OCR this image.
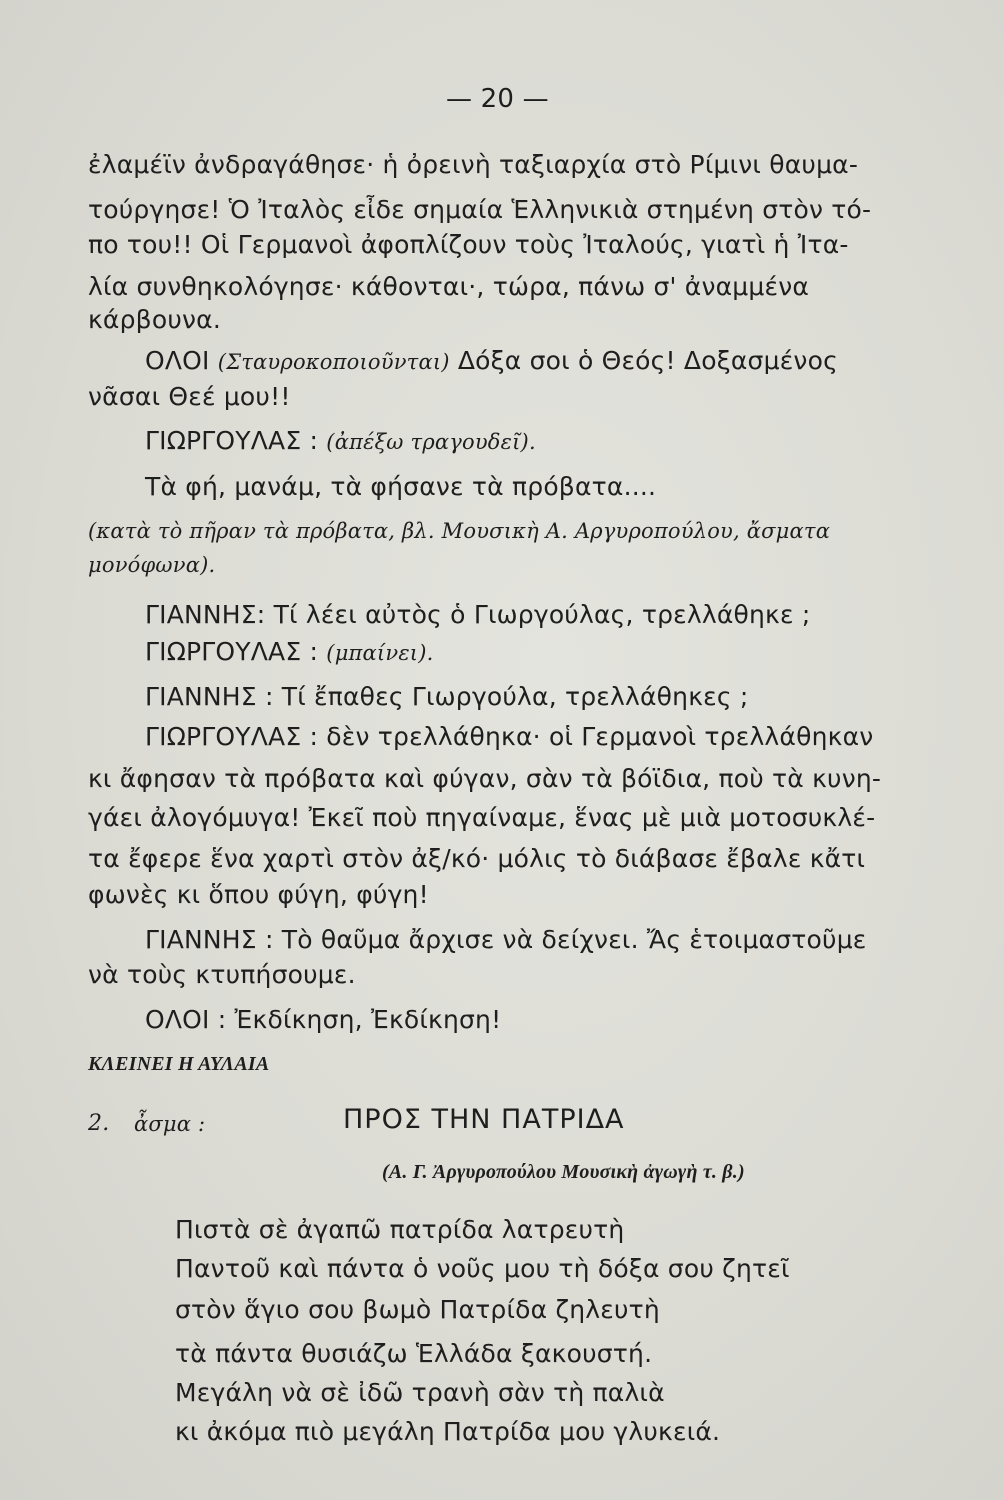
— 20 —
ἐλαμέϊν ἀνδραγάθησε· ἡ ὀρεινὴ ταξιαρχία στὸ Ρίμινι θαυμα-
τούργησε! Ὁ Ἰταλὸς εἶδε σημαία Ἑλληνικιὰ στημένη στὸν τό-
πο του!! Οἱ Γερμανοὶ ἀφοπλίζουν τοὺς Ἰταλούς, γιατὶ ἡ Ἰτα-
λία συνθηκολόγησε· κάθονται·, τώρα, πάνω σ' ἀναμμένα
κάρβουνα.
ΟΛΟΙ (Σταυροκοποιοῦνται) Δόξα σοι ὁ Θεός! Δοξασμένος
νᾶσαι Θεέ μου!!
ΓΙΩΡΓΟΥΛΑΣ : (ἀπέξω τραγουδεῖ).
Τὰ φή, μανάμ, τὰ φήσανε τὰ πρόβατα....
(κατὰ τὸ πῆραν τὰ πρόβατα, βλ. Μουσικὴ Α. Αργυροπούλου, ἄσματα
μονόφωνα).
ΓΙΑΝΝΗΣ: Τί λέει αὐτὸς ὁ Γιωργούλας, τρελλάθηκε ;
ΓΙΩΡΓΟΥΛΑΣ : (μπαίνει).
ΓΙΑΝΝΗΣ : Τί ἔπαθες Γιωργούλα, τρελλάθηκες ;
ΓΙΩΡΓΟΥΛΑΣ : δὲν τρελλάθηκα· οἱ Γερμανοὶ τρελλάθηκαν
κι ἄφησαν τὰ πρόβατα καὶ φύγαν, σὰν τὰ βόϊδια, ποὺ τὰ κυνη-
γάει ἀλογόμυγα! Ἐκεῖ ποὺ πηγαίναμε, ἕνας μὲ μιὰ μοτοσυκλέ-
τα ἔφερε ἕνα χαρτὶ στὸν ἀξ/κό· μόλις τὸ διάβασε ἔβαλε κἄτι
φωνὲς κι ὅπου φύγη, φύγη!
ΓΙΑΝΝΗΣ : Τὸ θαῦμα ἄρχισε νὰ δείχνει. Ἄς ἑτοιμαστοῦμε
νὰ τοὺς κτυπήσουμε.
ΟΛΟΙ : Ἐκδίκηση, Ἐκδίκηση!
ΚΛΕΙΝΕΙ Η ΑΥΛΑΙΑ
2. ἆσμα :	ΠΡΟΣ ΤΗΝ ΠΑΤΡΙΔΑ
(Α. Γ. Ἀργυροπούλου Μουσικὴ ἀγωγὴ τ. β.)
Πιστὰ σὲ ἀγαπῶ πατρίδα λατρευτὴ
Παντοῦ καὶ πάντα ὁ νοῦς μου τὴ δόξα σου ζητεῖ
στὸν ἅγιο σου βωμὸ Πατρίδα ζηλευτὴ
τὰ πάντα θυσιάζω Ἑλλάδα ξακουστή.
Μεγάλη νὰ σὲ ἰδῶ τρανὴ σὰν τὴ παλιὰ
κι ἀκόμα πιὸ μεγάλη Πατρίδα μου γλυκειά.
